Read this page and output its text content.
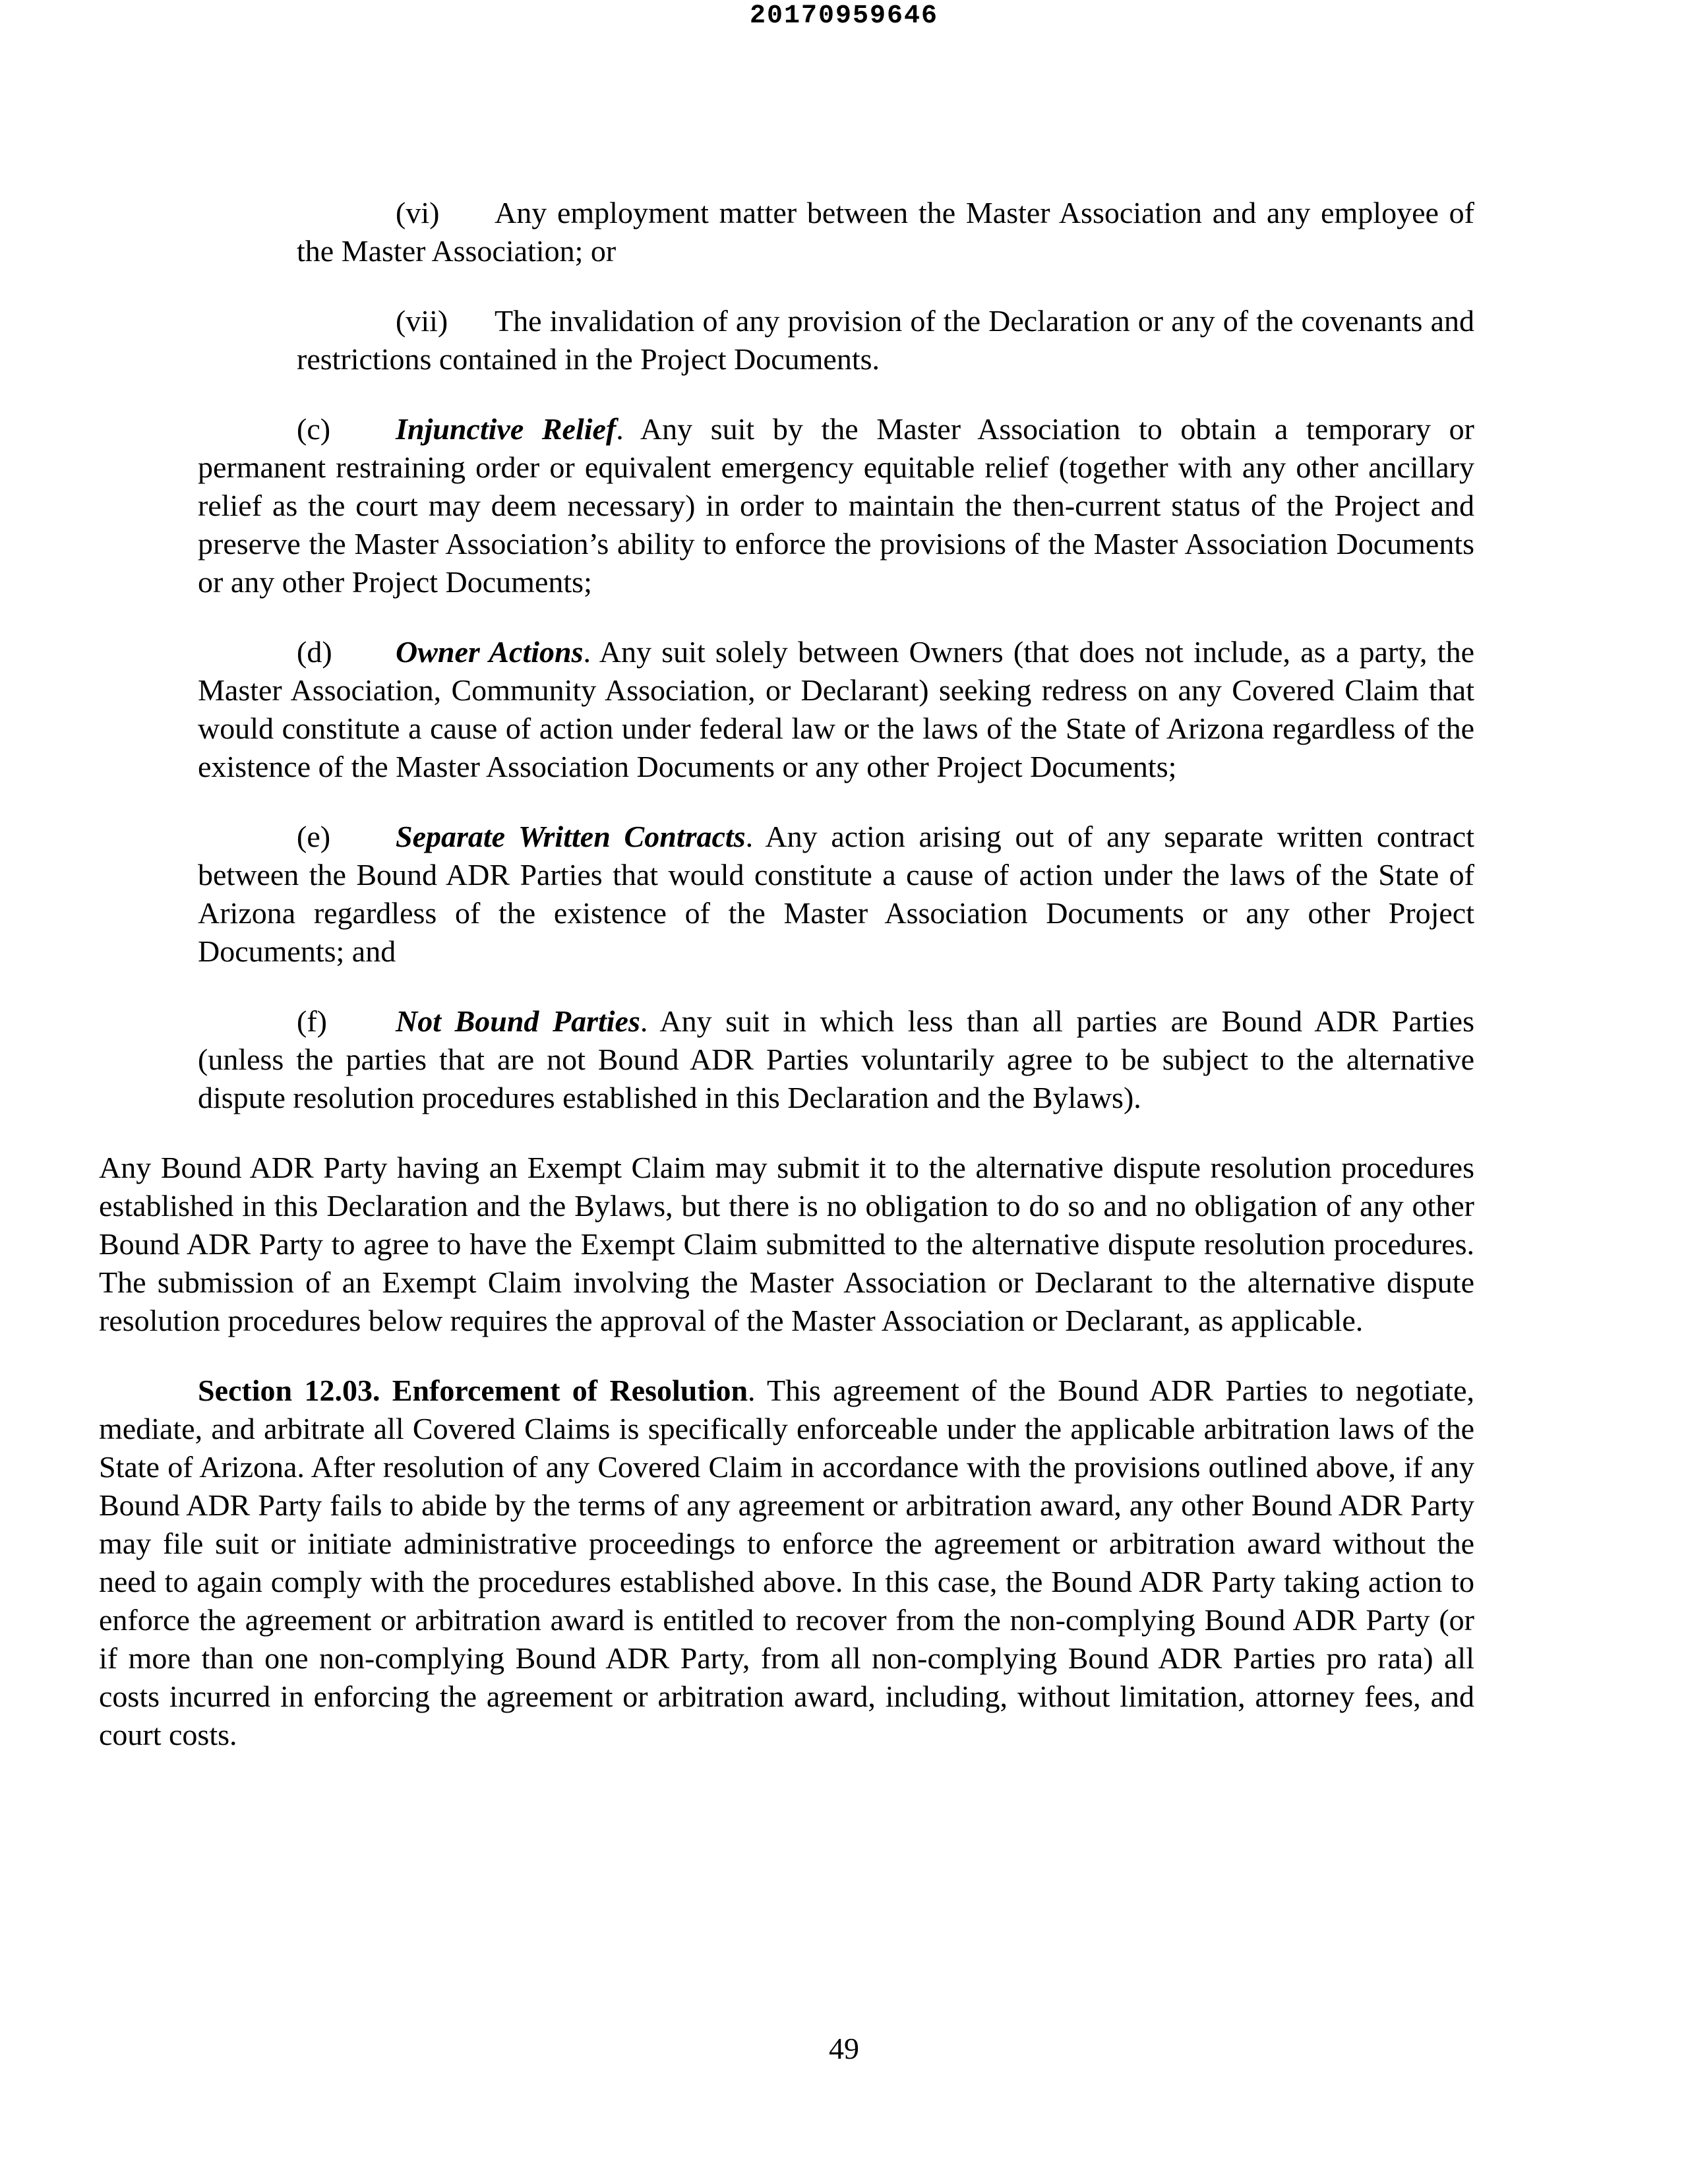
20170959646

(vi) Any employment matter between the Master Association and any employee of the Master Association; or

(vii) The invalidation of any provision of the Declaration or any of the covenants and restrictions contained in the Project Documents.

(c) Injunctive Relief. Any suit by the Master Association to obtain a temporary or permanent restraining order or equivalent emergency equitable relief (together with any other ancillary relief as the court may deem necessary) in order to maintain the then-current status of the Project and preserve the Master Association’s ability to enforce the provisions of the Master Association Documents or any other Project Documents;

(d) Owner Actions. Any suit solely between Owners (that does not include, as a party, the Master Association, Community Association, or Declarant) seeking redress on any Covered Claim that would constitute a cause of action under federal law or the laws of the State of Arizona regardless of the existence of the Master Association Documents or any other Project Documents;

(e) Separate Written Contracts. Any action arising out of any separate written contract between the Bound ADR Parties that would constitute a cause of action under the laws of the State of Arizona regardless of the existence of the Master Association Documents or any other Project Documents; and

(f) Not Bound Parties. Any suit in which less than all parties are Bound ADR Parties (unless the parties that are not Bound ADR Parties voluntarily agree to be subject to the alternative dispute resolution procedures established in this Declaration and the Bylaws).

Any Bound ADR Party having an Exempt Claim may submit it to the alternative dispute resolution procedures established in this Declaration and the Bylaws, but there is no obligation to do so and no obligation of any other Bound ADR Party to agree to have the Exempt Claim submitted to the alternative dispute resolution procedures. The submission of an Exempt Claim involving the Master Association or Declarant to the alternative dispute resolution procedures below requires the approval of the Master Association or Declarant, as applicable.

Section 12.03. Enforcement of Resolution. This agreement of the Bound ADR Parties to negotiate, mediate, and arbitrate all Covered Claims is specifically enforceable under the applicable arbitration laws of the State of Arizona. After resolution of any Covered Claim in accordance with the provisions outlined above, if any Bound ADR Party fails to abide by the terms of any agreement or arbitration award, any other Bound ADR Party may file suit or initiate administrative proceedings to enforce the agreement or arbitration award without the need to again comply with the procedures established above. In this case, the Bound ADR Party taking action to enforce the agreement or arbitration award is entitled to recover from the non-complying Bound ADR Party (or if more than one non-complying Bound ADR Party, from all non-complying Bound ADR Parties pro rata) all costs incurred in enforcing the agreement or arbitration award, including, without limitation, attorney fees, and court costs.

49
